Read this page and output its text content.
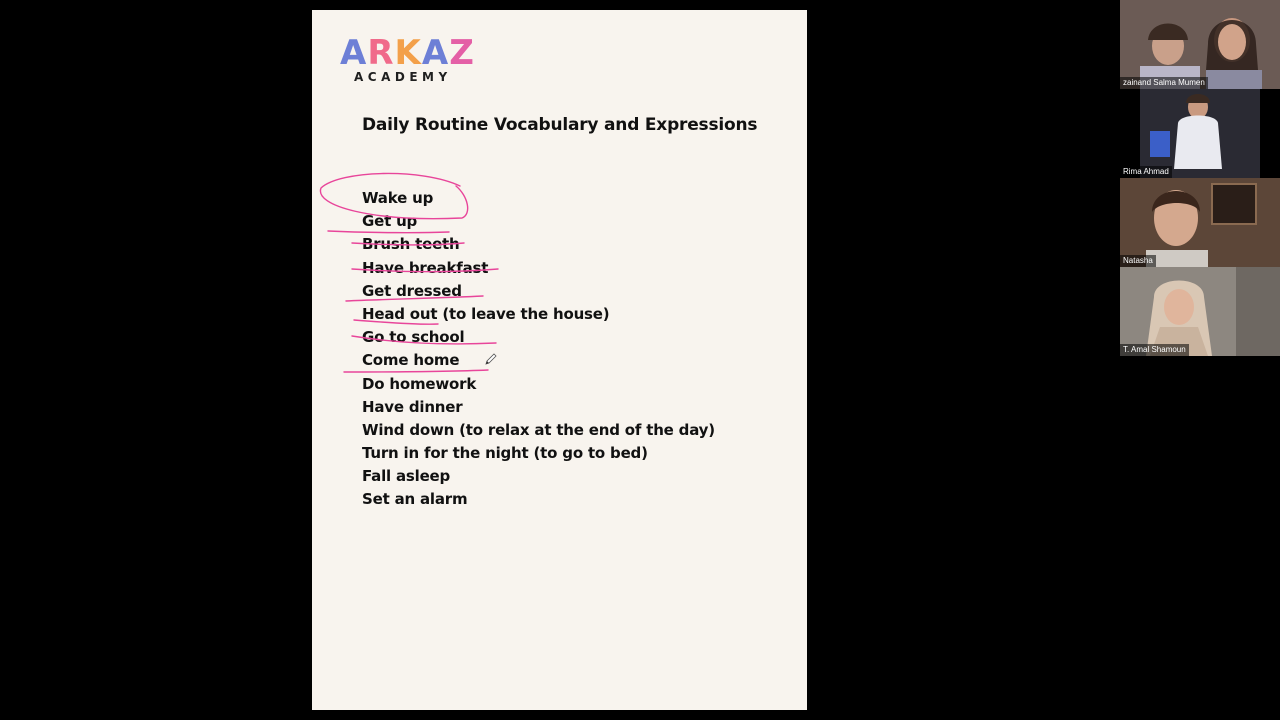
ARKAZ
ACADEMY
Daily Routine Vocabulary and Expressions
Wake up
Get up
Brush teeth
Have breakfast
Get dressed
Head out (to leave the house)
Go to school
Come home
Do homework
Have dinner
Wind down (to relax at the end of the day)
Turn in for the night (to go to bed)
Fall asleep
Set an alarm
zainand Salma Mumen
Rima Ahmad
Natasha
T. Amal Shamoun
